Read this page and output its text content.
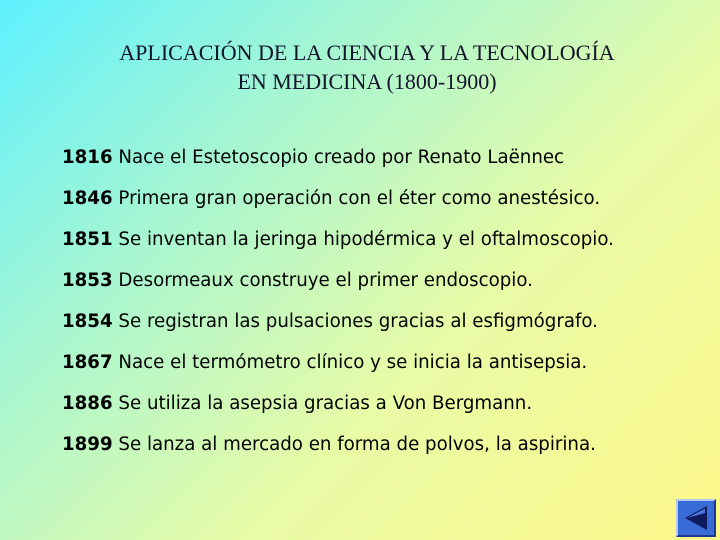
APLICACIÓN DE LA CIENCIA Y LA TECNOLOGÍA
EN MEDICINA (1800-1900)
1816 Nace el Estetoscopio creado por Renato Laënnec
1846 Primera gran operación con el éter como anestésico.
1851 Se inventan la jeringa hipodérmica y el oftalmoscopio.
1853 Desormeaux construye el primer endoscopio.
1854 Se registran las pulsaciones gracias al esfigmógrafo.
1867 Nace el termómetro clínico y se inicia la antisepsia.
1886 Se utiliza la asepsia gracias a Von Bergmann.
1899 Se lanza al mercado en forma de polvos, la aspirina.
